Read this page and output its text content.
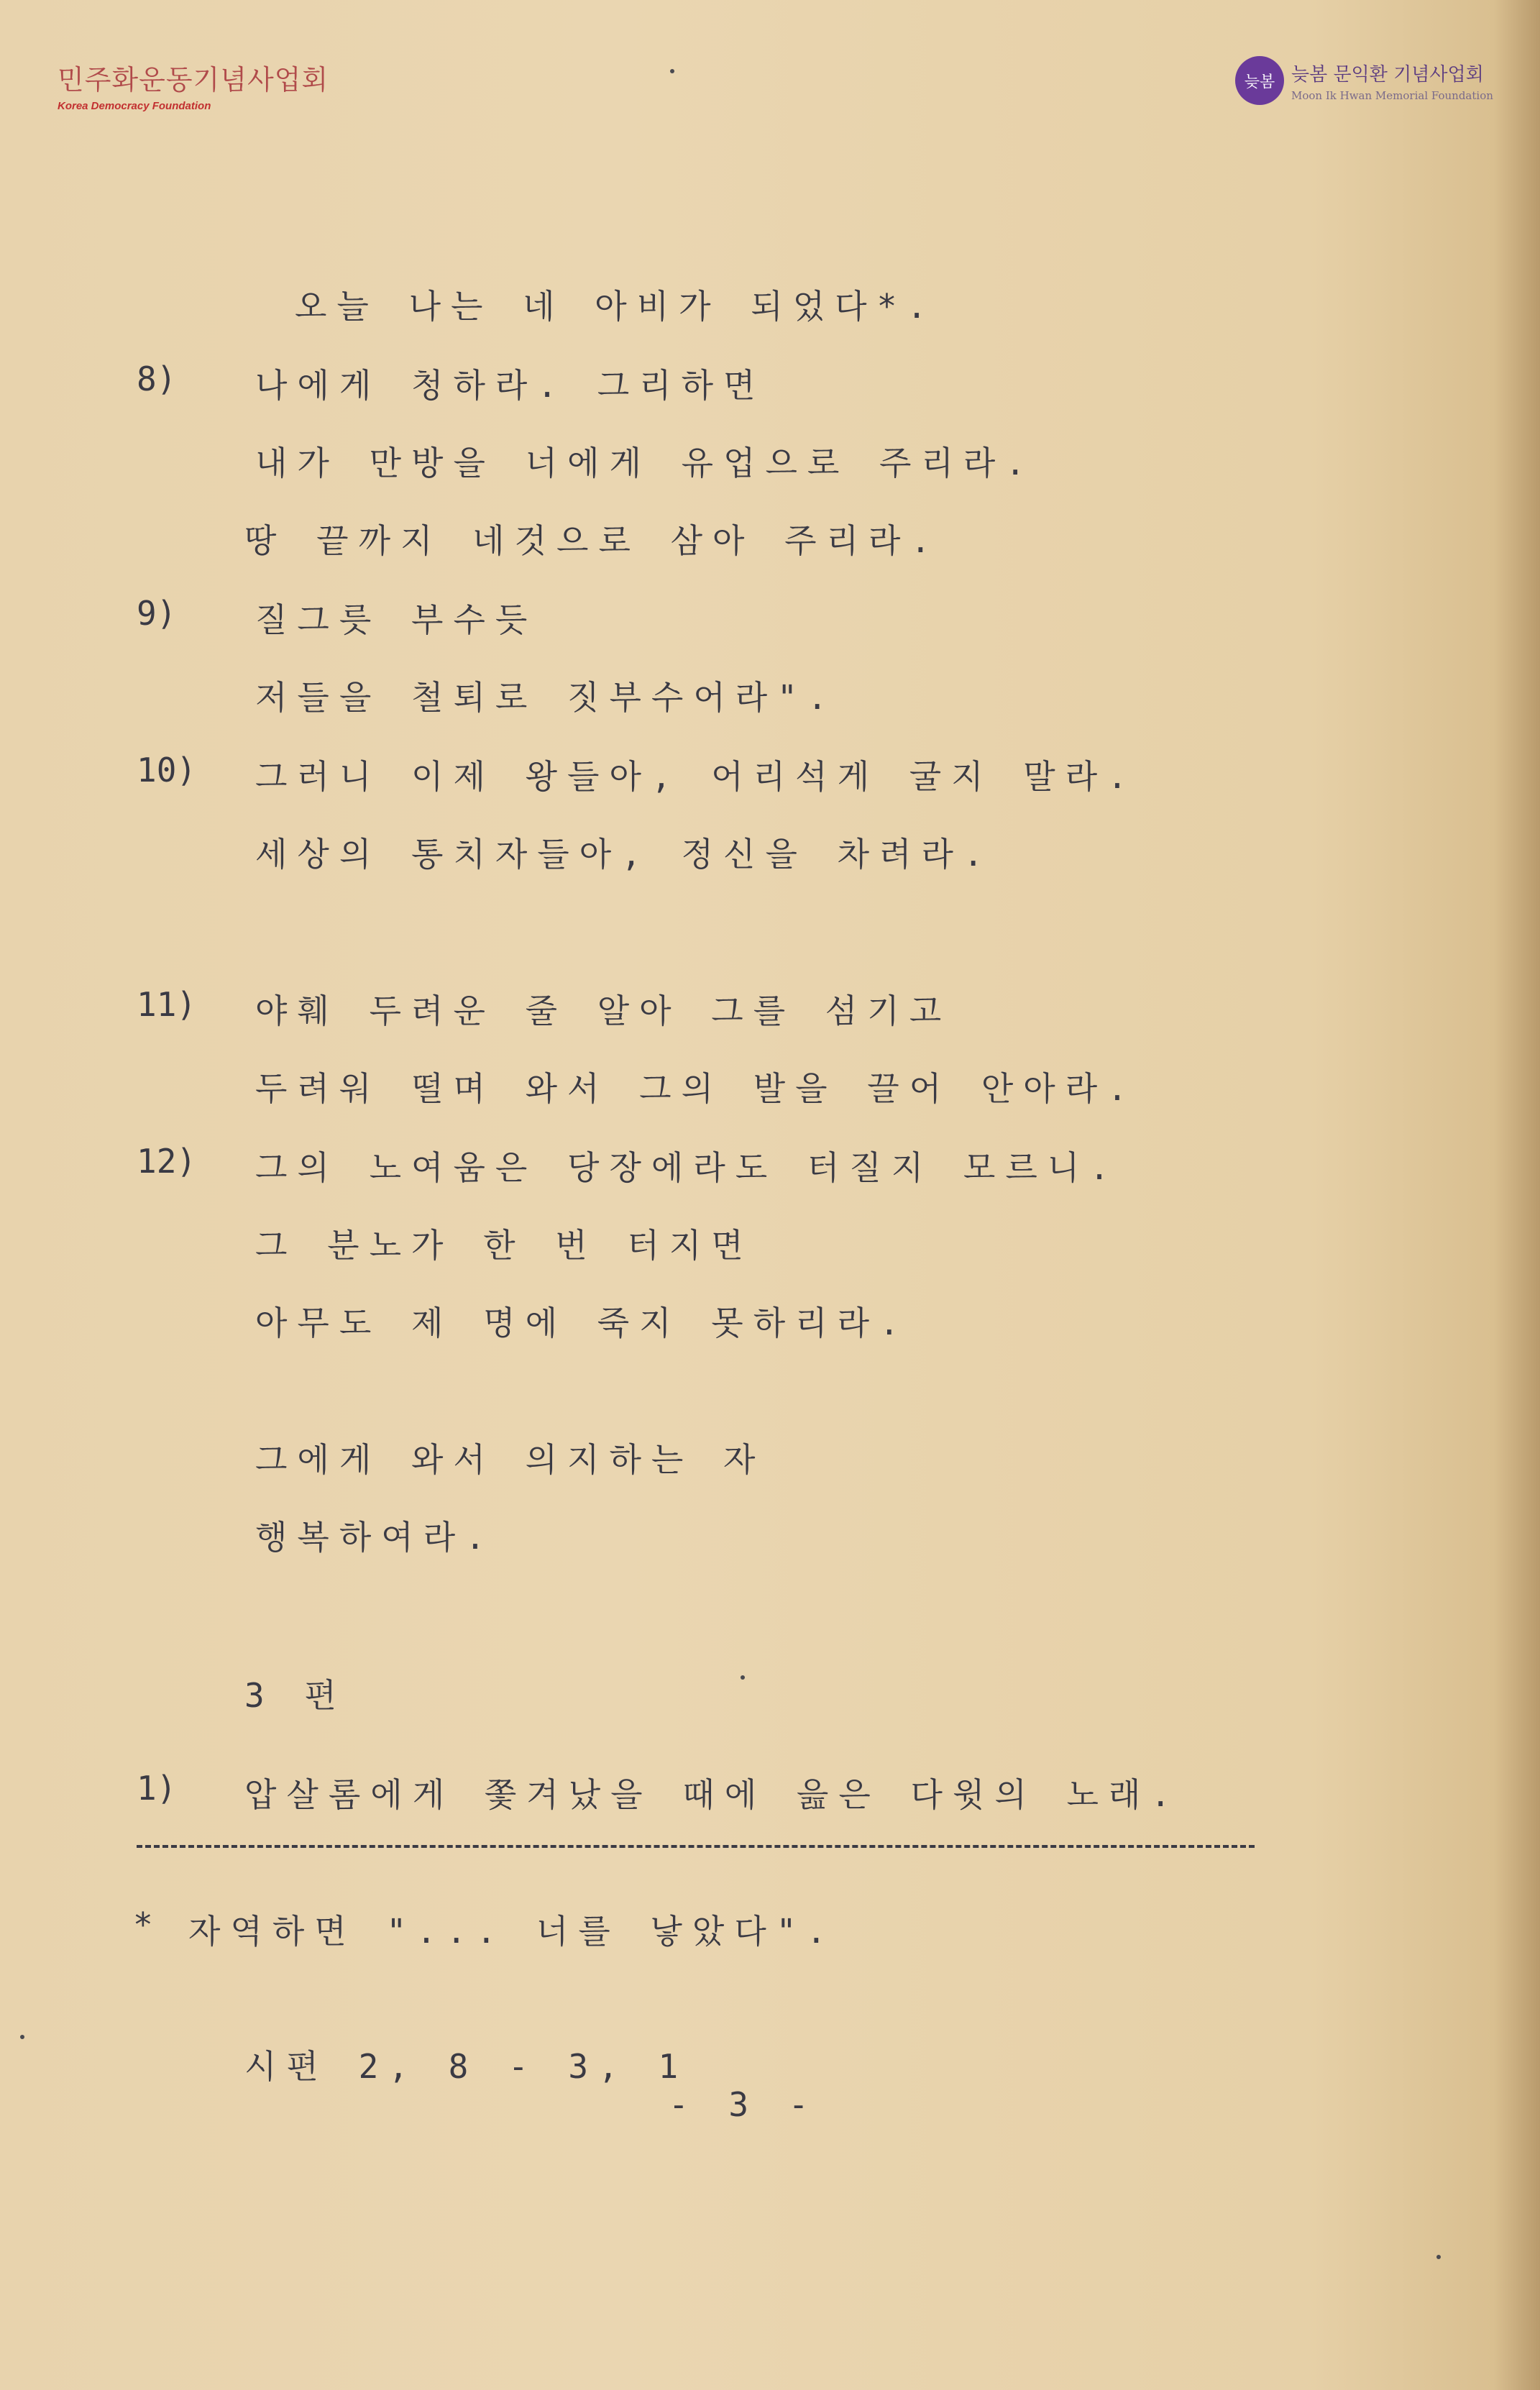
민주화운동기념사업회
Korea Democracy Foundation
늦봄 늦봄 문익환 기념사업회
Moon Ik Hwan Memorial Foundation
오늘 나는 네 아비가 되었다*.
8) 나에게 청하라. 그리하면
내가 만방을 너에게 유업으로 주리라.
땅 끝까지 네것으로 삼아 주리라.
9) 질그릇 부수듯
저들을 철퇴로 짓부수어라".
10) 그러니 이제 왕들아, 어리석게 굴지 말라.
세상의 통치자들아, 정신을 차려라.
11) 야훼 두려운 줄 알아 그를 섬기고
두려워 떨며 와서 그의 발을 끌어 안아라.
12) 그의 노여움은 당장에라도 터질지 모르니.
그 분노가 한 번 터지면
아무도 제 명에 죽지 못하리라.
그에게 와서 의지하는 자
행복하여라.
3 편
1) 압살롬에게 쫓겨났을 때에 읊은 다윗의 노래.
* 자역하면 "... 너를 낳았다".
시편 2, 8 - 3, 1
- 3 -
